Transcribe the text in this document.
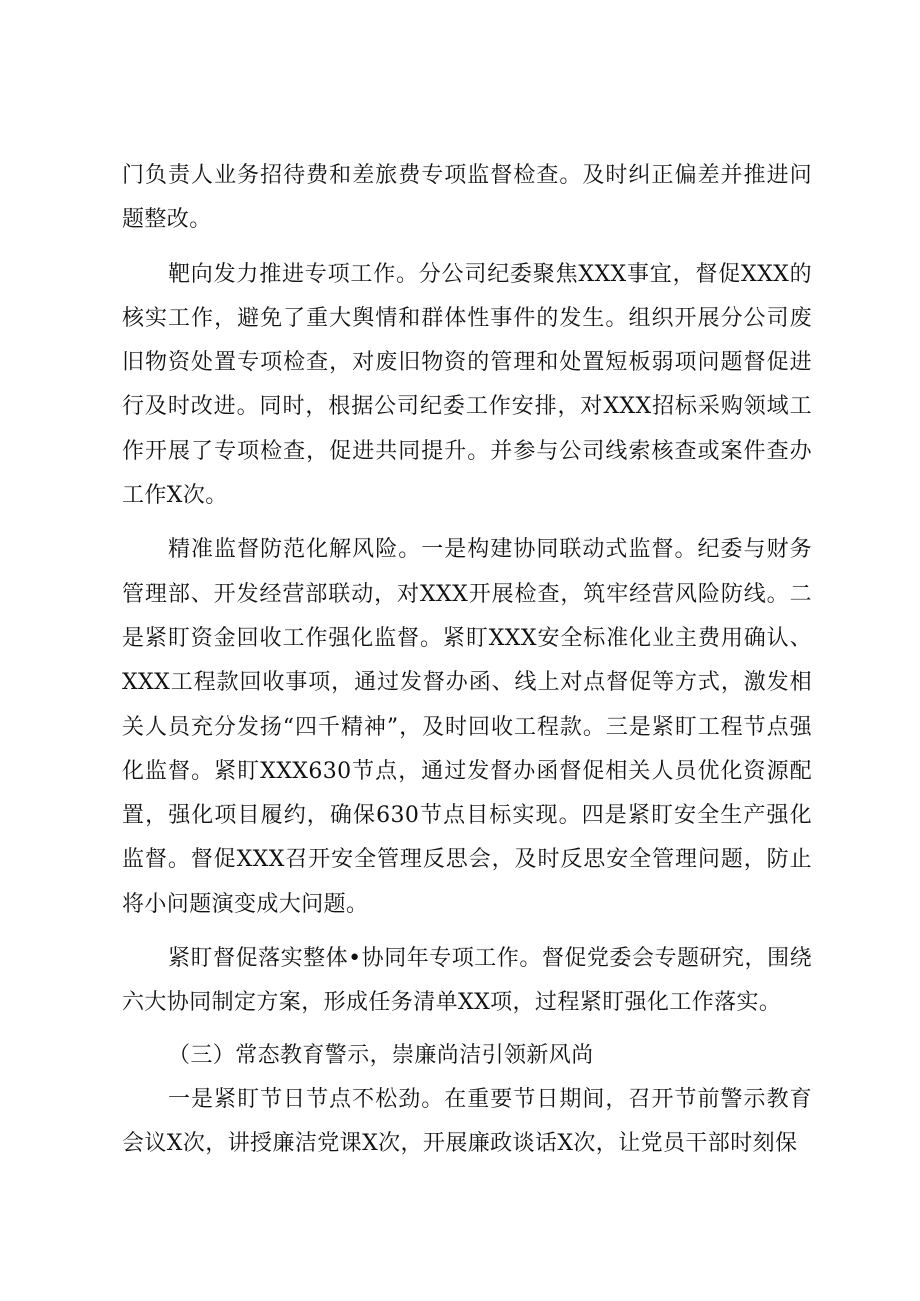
门负责人业务招待费和差旅费专项监督检查。及时纠正偏差并推进问题整改。

靶向发力推进专项工作。分公司纪委聚焦XXX事宜，督促XXX的核实工作，避免了重大舆情和群体性事件的发生。组织开展分公司废旧物资处置专项检查，对废旧物资的管理和处置短板弱项问题督促进行及时改进。同时，根据公司纪委工作安排，对XXX招标采购领域工作开展了专项检查，促进共同提升。并参与公司线索核查或案件查办工作X次。

精准监督防范化解风险。一是构建协同联动式监督。纪委与财务管理部、开发经营部联动，对XXX开展检查，筑牢经营风险防线。二是紧盯资金回收工作强化监督。紧盯XXX安全标准化业主费用确认、XXX工程款回收事项，通过发督办函、线上对点督促等方式，激发相关人员充分发扬“四千精神”，及时回收工程款。三是紧盯工程节点强化监督。紧盯XXX630节点，通过发督办函督促相关人员优化资源配置，强化项目履约，确保630节点目标实现。四是紧盯安全生产强化监督。督促XXX召开安全管理反思会，及时反思安全管理问题，防止将小问题演变成大问题。

紧盯督促落实整体•协同年专项工作。督促党委会专题研究，围绕六大协同制定方案，形成任务清单XX项，过程紧盯强化工作落实。

（三）常态教育警示，崇廉尚洁引领新风尚

一是紧盯节日节点不松劲。在重要节日期间，召开节前警示教育会议X次，讲授廉洁党课X次，开展廉政谈话X次，让党员干部时刻保
